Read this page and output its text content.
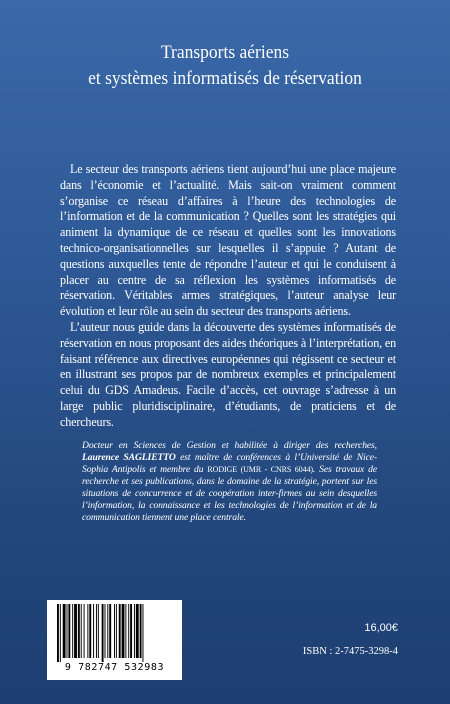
Transports aériens
et systèmes informatisés de réservation

Le secteur des transports aériens tient aujourd’hui une place majeure dans l’économie et l’actualité. Mais sait-on vraiment comment s’organise ce réseau d’affaires à l’heure des technologies de l’information et de la communication ? Quelles sont les stratégies qui animent la dynamique de ce réseau et quelles sont les innovations technico-organisationnelles sur lesquelles il s’appuie ? Autant de questions auxquelles tente de répondre l’auteur et qui le conduisent à placer au centre de sa réflexion les systèmes informatisés de réservation. Véritables armes stratégiques, l’auteur analyse leur évolution et leur rôle au sein du secteur des transports aériens.

L’auteur nous guide dans la découverte des systèmes informatisés de réservation en nous proposant des aides théoriques à l’interprétation, en faisant référence aux directives européennes qui régissent ce secteur et en illustrant ses propos par de nombreux exemples et principalement celui du GDS Amadeus. Facile d’accès, cet ouvrage s’adresse à un large public pluridisciplinaire, d’étudiants, de praticiens et de chercheurs.

Docteur en Sciences de Gestion et habilitée à diriger des recherches, Laurence SAGLIETTO est maître de conférences à l’Université de Nice-Sophia Antipolis et membre du RODIGE (UMR - CNRS 6044). Ses travaux de recherche et ses publications, dans le domaine de la stratégie, portent sur les situations de concurrence et de coopération inter-firmes au sein desquelles l’information, la connaissance et les technologies de l’information et de la communication tiennent une place centrale.
9 782747 532983
16,00€
ISBN : 2-7475-3298-4
